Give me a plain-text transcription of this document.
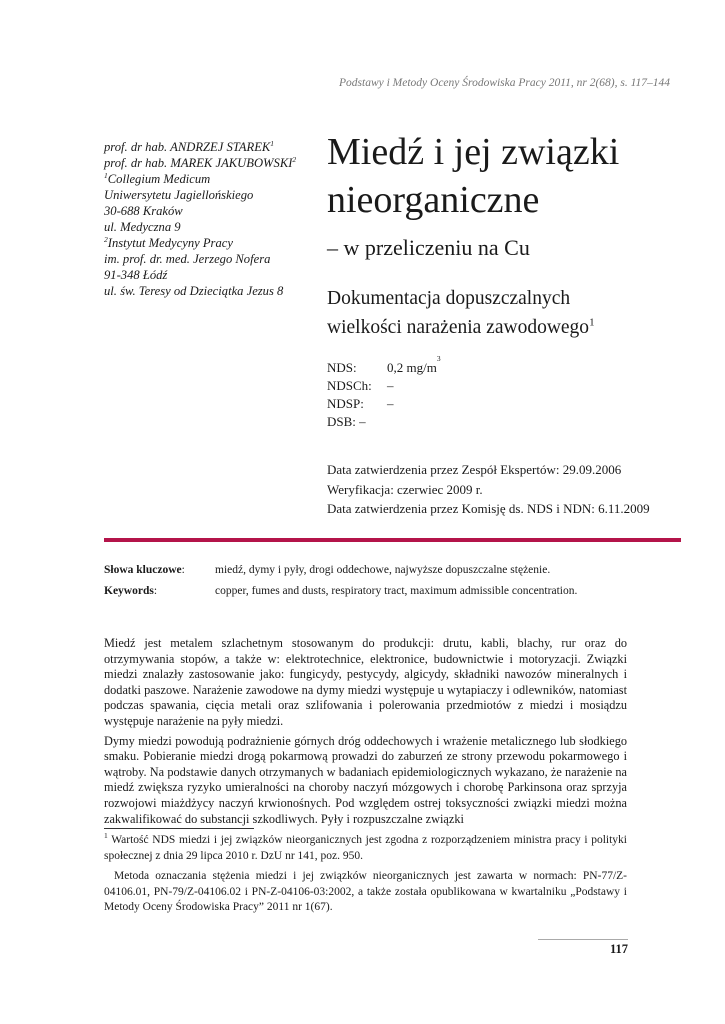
Podstawy i Metody Oceny Środowiska Pracy 2011, nr 2(68), s. 117–144
prof. dr hab. ANDRZEJ STAREK$^1$
prof. dr hab. MAREK JAKUBOWSKI$^2$
$^1$Collegium Medicum
Uniwersytetu Jagiellońskiego
30-688 Kraków
ul. Medyczna 9
$^2$Instytut Medycyny Pracy
im. prof. dr. med. Jerzego Nofera
91-348 Łódź
ul. św. Teresy od Dzieciątka Jezus 8
Miedź i jej związki
nieorganiczne
– w przeliczeniu na Cu
Dokumentacja dopuszczalnych
wielkości narażenia zawodowego$^1$
NDS:	0,2 mg/m
3
NDSCh:	–
NDSP:	–
DSB: –
Data zatwierdzenia przez Zespół Ekspertów: 29.09.2006
Weryfikacja: czerwiec 2009 r.
Data zatwierdzenia przez Komisję ds. NDS i NDN: 6.11.2009
Słowa kluczowe:	miedź, dymy i pyły, drogi oddechowe, najwyższe dopuszczalne stężenie.
Keywords:	copper, fumes and dusts, respiratory tract, maximum admissible concentration.

Miedź jest metalem szlachetnym stosowanym do produkcji: drutu, kabli, blachy, rur oraz do otrzymywania stopów, a także w: elektrotechnice, elektronice, budownictwie i motoryzacji. Związki miedzi znalazły zastosowanie jako: fungicydy, pestycydy, algicydy, składniki nawozów mineralnych i dodatki paszowe. Narażenie zawodowe na dymy miedzi występuje u wytapiaczy i odlewników, natomiast podczas spawania, cięcia metali oraz szlifowania i polerowania przedmiotów z miedzi i mosiądzu występuje narażenie na pyły miedzi.

Dymy miedzi powodują podrażnienie górnych dróg oddechowych i wrażenie metalicznego lub słodkiego smaku. Pobieranie miedzi drogą pokarmową prowadzi do zaburzeń ze strony przewodu pokarmowego i wątroby. Na podstawie danych otrzymanych w badaniach epidemiologicznych wykazano, że narażenie na miedź zwiększa ryzyko umieralności na choroby naczyń mózgowych i chorobę Parkinsona oraz sprzyja rozwojowi miażdżycy naczyń krwionośnych. Pod względem ostrej toksyczności związki miedzi można zakwalifikować do substancji szkodliwych. Pyły i rozpuszczalne związki

$^1$ Wartość NDS miedzi i jej związków nieorganicznych jest zgodna z rozporządzeniem ministra pracy i polityki społecznej z dnia 29 lipca 2010 r. DzU nr 141, poz. 950.

Metoda oznaczania stężenia miedzi i jej związków nieorganicznych jest zawarta w normach: PN-77/Z-04106.01, PN-79/Z-04106.02 i PN-Z-04106-03:2002, a także została opublikowana w kwartalniku „Podstawy i Metody Oceny Środowiska Pracy” 2011 nr 1(67).

117
